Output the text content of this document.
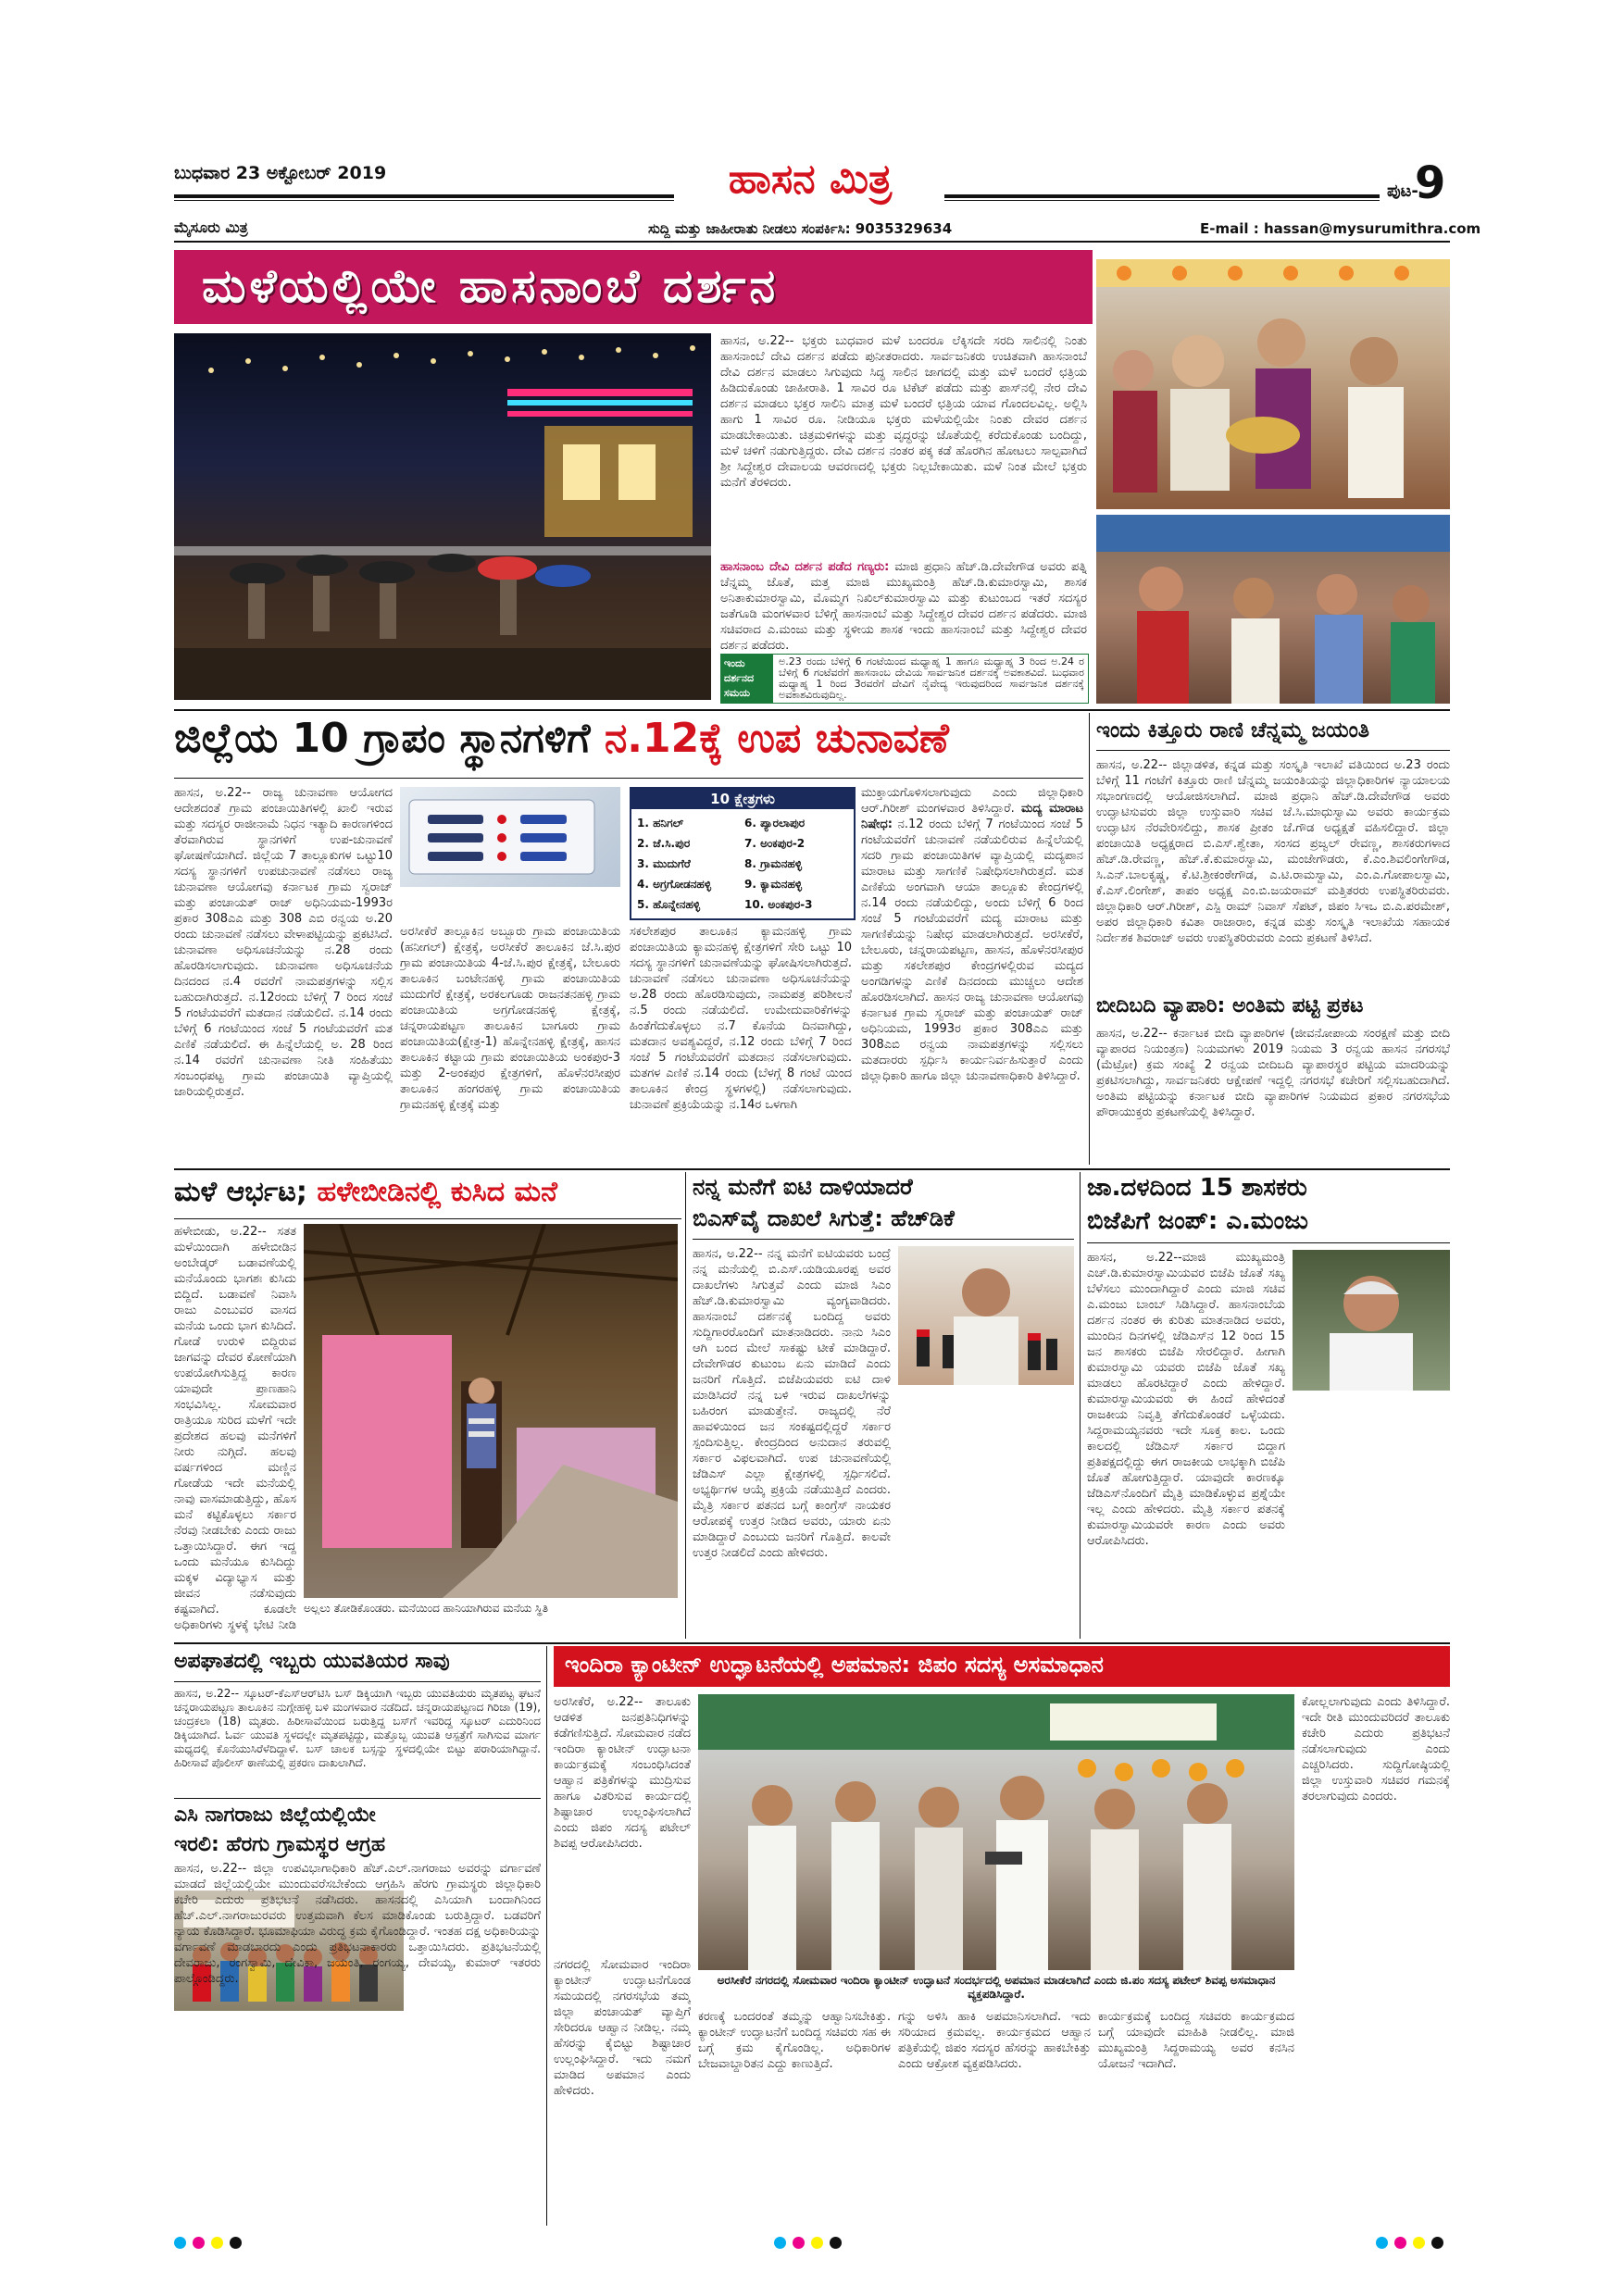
ಬುಧವಾರ 23 ಅಕ್ಟೋಬರ್ 2019	ಹಾಸನ ಮಿತ್ರ	ಪುಟ-
9
ಮೈಸೂರು ಮಿತ್ರ	ಸುದ್ದಿ ಮತ್ತು ಜಾಹೀರಾತು ನೀಡಲು ಸಂಪರ್ಕಿಸಿ: 9035329634	E-mail : hassan@mysurumithra.com
ಮಳೆಯಲ್ಲಿಯೇ ಹಾಸನಾಂಬೆ ದರ್ಶನ
ಹಾಸನ, ಅ.22-- ಭಕ್ತರು ಬುಧವಾರ ಮಳೆ ಬಂದರೂ ಲೆಕ್ಕಿಸದೇ ಸರದಿ ಸಾಲಿನಲ್ಲಿ ನಿಂತು ಹಾಸನಾಂಬೆ ದೇವಿ ದರ್ಶನ ಪಡೆದು ಪುನೀತರಾದರು. ಸಾರ್ವಜನಿಕರು ಉಚಿತವಾಗಿ ಹಾಸನಾಂಬೆ ದೇವಿ ದರ್ಶನ ಮಾಡಲು ಸಿಗುವುದು ಸಿದ್ಧ ಸಾಲಿನ ಜಾಗದಲ್ಲಿ ಮತ್ತು ಮಳೆ ಬಂದರೆ ಛತ್ರಿಯ ಹಿಡಿದುಕೊಂಡು ಜಾಹೀರಾತಿ. 1 ಸಾವಿರ ರೂ ಟಿಕೆಟ್ ಪಡೆದು ಮತ್ತು ಪಾಸ್‌ನಲ್ಲಿ ನೇರ ದೇವಿ ದರ್ಶನ ಮಾಡಲು ಭಕ್ತರ ಸಾಲಿನಿ ಮಾತ್ರ ಮಳೆ ಬಂದರೆ ಛತ್ರಿಯ ಯಾವ ಗೊಂದಲವಿಲ್ಲ. ಅಲ್ಲಿಸಿ ಹಾಗು 1 ಸಾವಿರ ರೂ. ನೀಡಿಯೂ ಭಕ್ತರು ಮಳೆಯಲ್ಲಿಯೇ ನಿಂತು ದೇವರ ದರ್ಶನ ಮಾಡಬೇಕಾಯಿತು. ಚಿತ್ರಮಳಿಗಳನ್ನು ಮತ್ತು ವೃದ್ಧರನ್ನು ಜೊತೆಯಲ್ಲಿ ಕರೆದುಕೊಂಡು ಬಂದಿದ್ದು, ಮಳೆ ಚಳಿಗೆ ನಡುಗುತ್ತಿದ್ದರು. ದೇವಿ ದರ್ಶನ ನಂತರ ಪಕ್ಕ ಕಡೆ ಹೊರಗಿನ ಹೋಟಲು ಸಾಲ್ಪವಾಗಿದೆ ಶ್ರೀ ಸಿದ್ದೇಶ್ವರ ದೇವಾಲಯ ಆವರಣದಲ್ಲಿ ಭಕ್ತರು ನಿಲ್ಲಬೇಕಾಯಿತು. ಮಳೆ ನಿಂತ ಮೇಲೆ ಭಕ್ತರು ಮನೆಗೆ ತೆರಳಿದರು.
ಹಾಸನಾಂಬ ದೇವಿ ದರ್ಶನ ಪಡೆದ ಗಣ್ಯರು: ಮಾಜಿ ಪ್ರಧಾನಿ ಹೆಚ್.ಡಿ.ದೇವೇಗೌಡ ಅವರು ಪತ್ನಿ ಚೆನ್ನಮ್ಮ ಜೊತೆ, ಮತ್ತ ಮಾಜಿ ಮುಖ್ಯಮಂತ್ರಿ ಹೆಚ್.ಡಿ.ಕುಮಾರಸ್ವಾಮಿ, ಶಾಸಕ ಅನಿತಾಕುಮಾರಸ್ವಾಮಿ, ಮೊಮ್ಮಗ ನಿಖಿಲ್‌ಕುಮಾರಸ್ವಾಮಿ ಮತ್ತು ಕುಟುಂಬದ ಇತರೆ ಸದಸ್ಯರ ಜತೆಗೂಡಿ ಮಂಗಳವಾರ ಬೆಳಿಗ್ಗೆ ಹಾಸನಾಂಬೆ ಮತ್ತು ಸಿದ್ದೇಶ್ವರ ದೇವರ ದರ್ಶನ ಪಡೆದರು. ಮಾಜಿ ಸಚಿವರಾದ ಎ.ಮಂಜು ಮತ್ತು ಸ್ಥಳೀಯ ಶಾಸಕ ಇಂದು ಹಾಸನಾಂಬೆ ಮತ್ತು ಸಿದ್ದೇಶ್ವರ ದೇವರ ದರ್ಶನ ಪಡೆದರು.
ಇಂದು ದರ್ಶನದ ಸಮಯ
ಅ.23 ರಂದು ಬೆಳಿಗ್ಗೆ 6 ಗಂಟೆಯಿಂದ ಮಧ್ಯಾಹ್ನ 1 ಹಾಗೂ ಮಧ್ಯಾಹ್ನ 3 ರಿಂದ ಅ.24 ರ ಬೆಳಿಗ್ಗೆ 6 ಗಂಟೆವರೆಗೆ ಹಾಸನಾಂಬ ದೇವಿಯ ಸಾರ್ವಜನಿಕ ದರ್ಶನಕ್ಕೆ ಅವಕಾಶವಿದೆ. ಬುಧವಾರ ಮಧ್ಯಾಹ್ನ 1 ರಿಂದ 3ರವರೆಗೆ ದೇವಿಗೆ ನೈವೇದ್ಯ ಇರುವುದರಿಂದ ಸಾರ್ವಜನಿಕ ದರ್ಶನಕ್ಕೆ ಅವಕಾಶವಿರುವುದಿಲ್ಲ.
ಜಿಲ್ಲೆಯ 10 ಗ್ರಾಪಂ ಸ್ಥಾನಗಳಿಗೆ ನ.12ಕ್ಕೆ ಉಪ ಚುನಾವಣೆ
ಹಾಸನ, ಅ.22-- ರಾಜ್ಯ ಚುನಾವಣಾ ಆಯೋಗದ ಆದೇಶದಂತೆ ಗ್ರಾಮ ಪಂಚಾಯಿತಿಗಳಲ್ಲಿ ಖಾಲಿ ಇರುವ ಮತ್ತು ಸದಸ್ಯರ ರಾಜೀನಾಮೆ ನಿಧನ ಇತ್ಯಾದಿ ಕಾರಣಗಳಿಂದ ತೆರವಾಗಿರುವ ಸ್ಥಾನಗಳಿಗೆ ಉಪ-ಚುನಾವಣೆ ಘೋಷಣೆಯಾಗಿದೆ. ಜಿಲ್ಲೆಯ 7 ತಾಲ್ಲೂಕುಗಳ ಒಟ್ಟು10 ಸದಸ್ಯ ಸ್ಥಾನಗಳಿಗೆ ಉಪಚುನಾವಣೆ ನಡೆಸಲು ರಾಜ್ಯ ಚುನಾವಣಾ ಆಯೋಗವು ಕರ್ನಾಟಕ ಗ್ರಾಮ ಸ್ವರಾಜ್ ಮತ್ತು ಪಂಚಾಯತ್ ರಾಜ್ ಅಧಿನಿಯಮ-1993ರ ಪ್ರಕಾರ 308ಎಎ ಮತ್ತು 308 ಎಬಿ ರನ್ವಯ ಅ.20 ರಂದು ಚುನಾವಣೆ ನಡೆಸಲು ವೇಳಾಪಟ್ಟಿಯನ್ನು ಪ್ರಕಟಿಸಿದೆ. ಚುನಾವಣಾ ಅಧಿಸೂಚನೆಯನ್ನು ನ.28 ರಂದು ಹೊರಡಿಸಲಾಗುವುದು. ಚುನಾವಣಾ ಅಧಿಸೂಚನೆಯ ದಿನದಂದ ನ.4 ರವರೆಗೆ ನಾಮಪತ್ರಗಳನ್ನು ಸಲ್ಲಿಸ ಬಹುದಾಗಿರುತ್ತದೆ. ನ.12ರಂದು ಬೆಳಿಗ್ಗೆ 7 ರಿಂದ ಸಂಜೆ 5 ಗಂಟೆಯವರೆಗೆ ಮತದಾನ ನಡೆಯಲಿದೆ. ನ.14 ರಂದು ಬೆಳಿಗ್ಗೆ 6 ಗಂಟೆಯಿಂದ ಸಂಜೆ 5 ಗಂಟೆಯವರೆಗೆ ಮತ ಎಣಿಕೆ ನಡೆಯಲಿದೆ. ಈ ಹಿನ್ನೆಲೆಯಲ್ಲಿ ಅ. 28 ರಿಂದ ನ.14 ರವರೆಗೆ ಚುನಾವಣಾ ನೀತಿ ಸಂಹಿತೆಯು ಸಂಬಂಧಪಟ್ಟ ಗ್ರಾಮ ಪಂಚಾಯಿತಿ ವ್ಯಾಪ್ತಿಯಲ್ಲಿ ಜಾರಿಯಲ್ಲಿರುತ್ತದೆ.
10 ಕ್ಷೇತ್ರಗಳು
1. ಹನಿಗಲ್
2. ಜೆ.ಸಿ.ಪುರ
3. ಮುದುಗೆರೆ
4. ಅಗ್ರಗೋಡನಹಳ್ಳಿ
5. ಹೊನ್ನೇನಹಳ್ಳಿ
6. ಪ್ಯಾರಲಾಪುರ
7. ಅಂಕಪುರ-2
8. ಗ್ರಾಮನಹಳ್ಳಿ
9. ಕ್ಯಾಮನಹಳ್ಳಿ
10. ಅಂಕಪುರ-3
ಅರಸೀಕೆರೆ ತಾಲ್ಲೂಕಿನ ಅಬ್ಬೂರು ಗ್ರಾಮ ಪಂಚಾಯಿತಿಯ (ಹನೀಗಲ್) ಕ್ಷೇತ್ರಕ್ಕೆ, ಅರಸೀಕೆರೆ ತಾಲೂಕಿನ ಜೆ.ಸಿ.ಪುರ ಗ್ರಾಮ ಪಂಚಾಯಿತಿಯ 4-ಜೆ.ಸಿ.ಪುರ ಕ್ಷೇತ್ರಕ್ಕೆ, ಬೇಲೂರು ತಾಲೂಕಿನ ಬಂಟೇನಹಳ್ಳಿ ಗ್ರಾಮ ಪಂಚಾಯಿತಿಯ ಮುದುಗೆರೆ ಕ್ಷೇತ್ರಕ್ಕೆ, ಅರಕಲಗೂಡು ರಾಜನತನಹಳ್ಳಿ ಗ್ರಾಮ ಪಂಚಾಯಿತಿಯ ಅಗ್ರಗೋಡನಹಳ್ಳಿ ಕ್ಷೇತ್ರಕ್ಕೆ, ಚನ್ನರಾಯಪಟ್ಟಣ ತಾಲೂಕಿನ ಬಾಗೂರು ಗ್ರಾಮ ಪಂಚಾಯಿತಿಯ(ಕ್ಷೇತ್ರ-1) ಹೊನ್ನೇನಹಳ್ಳಿ ಕ್ಷೇತ್ರಕ್ಕೆ, ಹಾಸನ ತಾಲೂಕಿನ ಕಟ್ಟಾಯ ಗ್ರಾಮ ಪಂಚಾಯಿತಿಯ ಅಂಕಪುರ-3 ಮತ್ತು 2-ಅಂಕಪುರ ಕ್ಷೇತ್ರಗಳಿಗೆ, ಹೊಳೆನರಸೀಪುರ ತಾಲೂಕಿನ ಹಂಗರಹಳ್ಳಿ ಗ್ರಾಮ ಪಂಚಾಯಿತಿಯ ಗ್ರಾಮನಹಳ್ಳಿ ಕ್ಷೇತ್ರಕ್ಕೆ ಮತ್ತು
ಸಕಲೇಶಪುರ ತಾಲೂಕಿನ ಕ್ಯಾಮನಹಳ್ಳಿ ಗ್ರಾಮ ಪಂಚಾಯಿತಿಯ ಕ್ಯಾಮನಹಳ್ಳಿ ಕ್ಷೇತ್ರಗಳಿಗೆ ಸೇರಿ ಒಟ್ಟು 10 ಸದಸ್ಯ ಸ್ಥಾನಗಳಿಗೆ ಚುನಾವಣೆಯನ್ನು ಘೋಷಿಸಲಾಗಿರುತ್ತದೆ. ಚುನಾವಣೆ ನಡೆಸಲು ಚುನಾವಣಾ ಅಧಿಸೂಚನೆಯನ್ನು ಅ.28 ರಂದು ಹೊರಡಿಸುವುದು, ನಾಮಪತ್ರ ಪರಿಶೀಲನೆ ನ.5 ರಂದು ನಡೆಯಲಿದೆ. ಉಮೇದುವಾರಿಕೆಗಳನ್ನು ಹಿಂತೆಗೆದುಕೊಳ್ಳಲು ನ.7 ಕೊನೆಯ ದಿನವಾಗಿದ್ದು, ಮತದಾನ ಅವಶ್ಯವಿದ್ದರೆ, ನ.12 ರಂದು ಬೆಳಿಗ್ಗೆ 7 ರಿಂದ ಸಂಜೆ 5 ಗಂಟೆಯವರೆಗೆ ಮತದಾನ ನಡೆಸಲಾಗುವುದು. ಮತಗಳ ಎಣಿಕೆ ನ.14 ರಂದು (ಬೆಳಗ್ಗೆ 8 ಗಂಟೆ ಯಿಂದ ತಾಲೂಕಿನ ಕೇಂದ್ರ ಸ್ಥಳಗಳಲ್ಲಿ) ನಡೆಸಲಾಗುವುದು. ಚುನಾವಣೆ ಪ್ರಕ್ರಿಯೆಯನ್ನು ನ.14ರ ಒಳಗಾಗಿ
ಮುಕ್ತಾಯಗೊಳಿಸಲಾಗುವುದು ಎಂದು ಜಿಲ್ಲಾಧಿಕಾರಿ ಆರ್.ಗಿರೀಶ್ ಮಂಗಳವಾರ ತಿಳಿಸಿದ್ದಾರೆ. ಮದ್ಯ ಮಾರಾಟ ನಿಷೇಧ: ನ.12 ರಂದು ಬೆಳಿಗ್ಗೆ 7 ಗಂಟೆಯಿಂದ ಸಂಜೆ 5 ಗಂಟೆಯವರೆಗೆ ಚುನಾವಣೆ ನಡೆಯಲಿರುವ ಹಿನ್ನೆಲೆಯಲ್ಲಿ ಸದರಿ ಗ್ರಾಮ ಪಂಚಾಯಿತಿಗಳ ವ್ಯಾಪ್ತಿಯಲ್ಲಿ ಮದ್ಯಪಾನ ಮಾರಾಟ ಮತ್ತು ಸಾಗಣಿಕೆ ನಿಷೇಧಿಸಲಾಗಿರುತ್ತದೆ. ಮತ ಎಣಿಕೆಯ ಅಂಗವಾಗಿ ಆಯಾ ತಾಲ್ಲೂಕು ಕೇಂದ್ರಗಳಲ್ಲಿ ನ.14 ರಂದು ನಡೆಯಲಿದ್ದು, ಅಂದು ಬೆಳಿಗ್ಗೆ 6 ರಿಂದ ಸಂಜೆ 5 ಗಂಟೆಯವರೆಗೆ ಮದ್ಯ ಮಾರಾಟ ಮತ್ತು ಸಾಗಣಿಕೆಯನ್ನು ನಿಷೇಧ ಮಾಡಲಾಗಿರುತ್ತದೆ. ಅರಸೀಕೆರೆ, ಬೇಲೂರು, ಚನ್ನರಾಯಪಟ್ಟಣ, ಹಾಸನ, ಹೊಳೆನರಸೀಪುರ ಮತ್ತು ಸಕಲೇಶಪುರ ಕೇಂದ್ರಗಳಲ್ಲಿರುವ ಮದ್ಯದ ಅಂಗಡಿಗಳನ್ನು ಎಣಿಕೆ ದಿನದಂದು ಮುಚ್ಚಲು ಆದೇಶ ಹೊರಡಿಸಲಾಗಿದೆ. ಹಾಸನ ರಾಜ್ಯ ಚುನಾವಣಾ ಆಯೋಗವು ಕರ್ನಾಟಕ ಗ್ರಾಮ ಸ್ವರಾಜ್ ಮತ್ತು ಪಂಚಾಯತ್ ರಾಜ್ ಅಧಿನಿಯಮ, 1993ರ ಪ್ರಕಾರ 308ಎಎ ಮತ್ತು 308ಎಬಿ ರನ್ವಯ ನಾಮಪತ್ರಗಳನ್ನು ಸಲ್ಲಿಸಲು ಮತದಾರರು ಸ್ಪರ್ಧಿಸಿ ಕಾರ್ಯನಿರ್ವಹಿಸುತ್ತಾರೆ ಎಂದು ಜಿಲ್ಲಾಧಿಕಾರಿ ಹಾಗೂ ಜಿಲ್ಲಾ ಚುನಾವಣಾಧಿಕಾರಿ ತಿಳಿಸಿದ್ದಾರೆ.
ಇಂದು ಕಿತ್ತೂರು ರಾಣಿ ಚೆನ್ನಮ್ಮ ಜಯಂತಿ
ಹಾಸನ, ಅ.22-- ಜಿಲ್ಲಾಡಳಿತ, ಕನ್ನಡ ಮತ್ತು ಸಂಸ್ಕೃತಿ ಇಲಾಖೆ ವತಿಯಿಂದ ಅ.23 ರಂದು ಬೆಳಿಗ್ಗೆ 11 ಗಂಟೆಗೆ ಕಿತ್ತೂರು ರಾಣಿ ಚೆನ್ನಮ್ಮ ಜಯಂತಿಯನ್ನು ಜಿಲ್ಲಾಧಿಕಾರಿಗಳ ನ್ಯಾಯಾಲಯ ಸಭಾಂಗಣದಲ್ಲಿ ಆಯೋಜಿಸಲಾಗಿದೆ. ಮಾಜಿ ಪ್ರಧಾನಿ ಹೆಚ್.ಡಿ.ದೇವೇಗೌಡ ಅವರು ಉದ್ಘಾಟಿಸುವರು ಜಿಲ್ಲಾ ಉಸ್ತುವಾರಿ ಸಚಿವ ಜೆ.ಸಿ.ಮಾಧುಸ್ವಾಮಿ ಅವರು ಕಾರ್ಯಕ್ರಮ ಉದ್ಘಾಟಿಸ ನೆರವೇರಿಸಲಿದ್ದು, ಶಾಸಕ ಪ್ರೀತಂ ಜೆ.ಗೌಡ ಅಧ್ಯಕ್ಷತೆ ವಹಿಸಲಿದ್ದಾರೆ. ಜಿಲ್ಲಾ ಪಂಚಾಯಿತಿ ಅಧ್ಯಕ್ಷರಾದ ಬಿ.ಎಸ್.ಶ್ವೇತಾ, ಸಂಸದ ಪ್ರಜ್ವಲ್ ರೇವಣ್ಣ, ಶಾಸಕರುಗಳಾದ ಹೆಚ್.ಡಿ.ರೇವಣ್ಣ, ಹೆಚ್.ಕೆ.ಕುಮಾರಸ್ವಾಮಿ, ಮಂಜೇಗೌಡರು, ಕೆ.ಎಂ.ಶಿವಲಿಂಗೇಗೌಡ, ಸಿ.ಎನ್.ಬಾಲಕೃಷ್ಣ, ಕೆ.ಟಿ.ಶ್ರೀಕಂಠೇಗೌಡ, ಎ.ಟಿ.ರಾಮಸ್ವಾಮಿ, ಎಂ.ಎ.ಗೋಪಾಲಸ್ವಾಮಿ, ಕೆ.ಎಸ್.ಲಿಂಗೇಶ್, ತಾಪಂ ಅಧ್ಯಕ್ಷ ಎಂ.ಬಿ.ಜಯರಾಮ್ ಮತ್ತಿತರರು ಉಪಸ್ಥಿತರಿರುವರು. ಜಿಲ್ಲಾಧಿಕಾರಿ ಆರ್.ಗಿರೀಶ್, ಎಸ್ಪಿ ರಾಮ್ ನಿವಾಸ್ ಸೆಪಟ್, ಜಿಪಂ ಸಿಇಒ ಬಿ.ಎ.ಪರಮೇಶ್, ಅಪರ ಜಿಲ್ಲಾಧಿಕಾರಿ ಕವಿತಾ ರಾಜಾರಾಂ, ಕನ್ನಡ ಮತ್ತು ಸಂಸ್ಕೃತಿ ಇಲಾಖೆಯ ಸಹಾಯಕ ನಿರ್ದೇಶಕ ಶಿವರಾಜ್ ಅವರು ಉಪಸ್ಥಿತರಿರುವರು ಎಂದು ಪ್ರಕಟಣೆ ತಿಳಿಸಿದೆ.
ಬೀದಿಬದಿ ವ್ಯಾಪಾರಿ: ಅಂತಿಮ ಪಟ್ಟಿ ಪ್ರಕಟ
ಹಾಸನ, ಅ.22-- ಕರ್ನಾಟಕ ಬೀದಿ ವ್ಯಾಪಾರಿಗಳ (ಜೀವನೋಪಾಯ ಸಂರಕ್ಷಣೆ ಮತ್ತು ಬೀದಿ ವ್ಯಾಪಾರದ ನಿಯಂತ್ರಣ) ನಿಯಮಗಳು 2019 ನಿಯಮ 3 ರನ್ವಯ ಹಾಸನ ನಗರಸಭೆ (ಮೆಟ್ರೋ) ಕ್ರಮ ಸಂಖ್ಯೆ 2 ರನ್ವಯ ಬೀದಿಬದಿ ವ್ಯಾಪಾರಸ್ಥರ ಪಟ್ಟಿಯ ಮಾದರಿಯನ್ನು ಪ್ರಕಟಿಸಲಾಗಿದ್ದು, ಸಾರ್ವಜನಿಕರು ಆಕ್ಷೇಪಣೆ ಇದ್ದಲ್ಲಿ ನಗರಸಭೆ ಕಚೇರಿಗೆ ಸಲ್ಲಿಸಬಹುದಾಗಿದೆ. ಅಂತಿಮ ಪಟ್ಟಿಯನ್ನು ಕರ್ನಾಟಕ ಬೀದಿ ವ್ಯಾಪಾರಿಗಳ ನಿಯಮದ ಪ್ರಕಾರ ನಗರಸಭೆಯ ಪೌರಾಯುಕ್ತರು ಪ್ರಕಟಣೆಯಲ್ಲಿ ತಿಳಿಸಿದ್ದಾರೆ.
ಮಳೆ ಆರ್ಭಟ; ಹಳೇಬೀಡಿನಲ್ಲಿ ಕುಸಿದ ಮನೆ
ಹಳೇಬೀಡು, ಅ.22-- ಸತತ ಮಳೆಯಿಂದಾಗಿ ಹಳೇಬೀಡಿನ ಅಂಬೇಡ್ಕರ್ ಬಡಾವಣೆಯಲ್ಲಿ ಮನೆಯೊಂದು ಭಾಗಶಃ ಕುಸಿದು ಬಿದ್ದಿದೆ. ಬಡಾವಣೆ ನಿವಾಸಿ ರಾಜು ಎಂಬುವರ ವಾಸದ ಮನೆಯ ಒಂದು ಭಾಗ ಕುಸಿದಿದೆ. ಗೋಡೆ ಉರುಳಿ ಬಿದ್ದಿರುವ ಜಾಗವನ್ನು ದೇವರ ಕೋಣೆಯಾಗಿ ಉಪಯೋಗಿಸುತ್ತಿದ್ದ ಕಾರಣ ಯಾವುದೇ ಪ್ರಾಣಹಾನಿ ಸಂಭವಿಸಿಲ್ಲ. ಸೋಮವಾರ ರಾತ್ರಿಯೂ ಸುರಿದ ಮಳೆಗೆ ಇದೇ ಪ್ರದೇಶದ ಹಲವು ಮನೆಗಳಿಗೆ ನೀರು ನುಗ್ಗಿದೆ. ಹಲವು ವರ್ಷಗಳಿಂದ ಮಣ್ಣಿನ ಗೋಡೆಯ ಇದೇ ಮನೆಯಲ್ಲಿ ನಾವು ವಾಸಮಾಡುತ್ತಿದ್ದು, ಹೊಸ ಮನೆ ಕಟ್ಟಿಕೊಳ್ಳಲು ಸರ್ಕಾರ ನೆರವು ನೀಡಬೇಕು ಎಂದು ರಾಜು ಒತ್ತಾಯಿಸಿದ್ದಾರೆ. ಈಗ ಇದ್ದ ಒಂದು ಮನೆಯೂ ಕುಸಿದಿದ್ದು ಮಕ್ಕಳ ವಿದ್ಯಾಭ್ಯಾಸ ಮತ್ತು ಜೀವನ ನಡೆಸುವುದು ಕಷ್ಟವಾಗಿದೆ. ಕೂಡಲೇ ಅಧಿಕಾರಿಗಳು ಸ್ಥಳಕ್ಕೆ ಭೇಟಿ ನೀಡಿ
ಅಲ್ಲಲು ತೋಡಿಕೊಂಡರು. ಮನೆಯಿಂದ ಹಾನಿಯಾಗಿರುವ ಮನೆಯ ಸ್ಥಿತಿ
ನನ್ನ ಮನೆಗೆ ಐಟಿ ದಾಳಿಯಾದರೆ
ಬಿಎಸ್‌ವೈ ದಾಖಲೆ ಸಿಗುತ್ತೆ: ಹೆಚ್‌ಡಿಕೆ
ಹಾಸನ, ಅ.22-- ನನ್ನ ಮನೆಗೆ ಐಟಿಯವರು ಬಂದ್ರೆ ನನ್ನ ಮನೆಯಲ್ಲಿ ಬಿ.ಎಸ್.ಯಡಿಯೂರಪ್ಪ ಅವರ ದಾಖಲೆಗಳು ಸಿಗುತ್ತವೆ ಎಂದು ಮಾಜಿ ಸಿಎಂ ಹೆಚ್.ಡಿ.ಕುಮಾರಸ್ವಾಮಿ ವ್ಯಂಗ್ಯವಾಡಿದರು. ಹಾಸನಾಂಬೆ ದರ್ಶನಕ್ಕೆ ಬಂದಿದ್ದ ಅವರು ಸುದ್ದಿಗಾರರೊಂದಿಗೆ ಮಾತನಾಡಿದರು. ನಾನು ಸಿಎಂ ಆಗಿ ಬಂದ ಮೇಲೆ ಸಾಕಷ್ಟು ಟೀಕೆ ಮಾಡಿದ್ದಾರೆ. ದೇವೇಗೌಡರ ಕುಟುಂಬ ಏನು ಮಾಡಿದೆ ಎಂದು ಜನರಿಗೆ ಗೊತ್ತಿದೆ. ಬಿಜೆಪಿಯವರು ಐಟಿ ದಾಳಿ ಮಾಡಿಸಿದರೆ ನನ್ನ ಬಳಿ ಇರುವ ದಾಖಲೆಗಳನ್ನು ಬಹಿರಂಗ ಮಾಡುತ್ತೇನೆ. ರಾಜ್ಯದಲ್ಲಿ ನೆರೆ ಹಾವಳಿಯಿಂದ ಜನ ಸಂಕಷ್ಟದಲ್ಲಿದ್ದರೆ ಸರ್ಕಾರ ಸ್ಪಂದಿಸುತ್ತಿಲ್ಲ. ಕೇಂದ್ರದಿಂದ ಅನುದಾನ ತರುವಲ್ಲಿ ಸರ್ಕಾರ ವಿಫಲವಾಗಿದೆ. ಉಪ ಚುನಾವಣೆಯಲ್ಲಿ ಜೆಡಿಎಸ್ ಎಲ್ಲಾ ಕ್ಷೇತ್ರಗಳಲ್ಲಿ ಸ್ಪರ್ಧಿಸಲಿದೆ. ಅಭ್ಯರ್ಥಿಗಳ ಆಯ್ಕೆ ಪ್ರಕ್ರಿಯೆ ನಡೆಯುತ್ತಿದೆ ಎಂದರು. ಮೈತ್ರಿ ಸರ್ಕಾರ ಪತನದ ಬಗ್ಗೆ ಕಾಂಗ್ರೆಸ್ ನಾಯಕರ ಆರೋಪಕ್ಕೆ ಉತ್ತರ ನೀಡಿದ ಅವರು, ಯಾರು ಏನು ಮಾಡಿದ್ದಾರೆ ಎಂಬುದು ಜನರಿಗೆ ಗೊತ್ತಿದೆ. ಕಾಲವೇ ಉತ್ತರ ನೀಡಲಿದೆ ಎಂದು ಹೇಳಿದರು.
ಜಾ.ದಳದಿಂದ 15 ಶಾಸಕರು
ಬಿಜೆಪಿಗೆ ಜಂಪ್: ಎ.ಮಂಜು
ಹಾಸನ, ಅ.22--ಮಾಜಿ ಮುಖ್ಯಮಂತ್ರಿ ಎಚ್.ಡಿ.ಕುಮಾರಸ್ವಾಮಿಯವರ ಬಿಜೆಪಿ ಜೊತೆ ಸಖ್ಯ ಬೆಳೆಸಲು ಮುಂದಾಗಿದ್ದಾರೆ ಎಂದು ಮಾಜಿ ಸಚಿವ ಎ.ಮಂಜು ಬಾಂಬ್ ಸಿಡಿಸಿದ್ದಾರೆ. ಹಾಸನಾಂಬೆಯ ದರ್ಶನ ನಂತರ ಈ ಕುರಿತು ಮಾತನಾಡಿದ ಅವರು, ಮುಂದಿನ ದಿನಗಳಲ್ಲಿ ಜೆಡಿಎಸ್‌ನ 12 ರಿಂದ 15 ಜನ ಶಾಸಕರು ಬಿಜೆಪಿ ಸೇರಲಿದ್ದಾರೆ. ಹೀಗಾಗಿ ಕುಮಾರಸ್ವಾಮಿ ಯವರು ಬಿಜೆಪಿ ಜೊತೆ ಸಖ್ಯ ಮಾಡಲು ಹೊರಟಿದ್ದಾರೆ ಎಂದು ಹೇಳಿದ್ದಾರೆ. ಕುಮಾರಸ್ವಾಮಿಯವರು ಈ ಹಿಂದೆ ಹೇಳಿದಂತೆ ರಾಜಕೀಯ ನಿವೃತ್ತಿ ತೆಗೆದುಕೊಂಡರೆ ಒಳ್ಳೆಯದು. ಸಿದ್ದರಾಮಯ್ಯನವರು ಇದೇ ಸೂಕ್ತ ಕಾಲ. ಒಂದು ಕಾಲದಲ್ಲಿ ಜೆಡಿಎಸ್ ಸರ್ಕಾರ ಬಿದ್ದಾಗ ಪ್ರತಿಪಕ್ಷದಲ್ಲಿದ್ದು ಈಗ ರಾಜಕೀಯ ಲಾಭಕ್ಕಾಗಿ ಬಿಜೆಪಿ ಜೊತೆ ಹೋಗುತ್ತಿದ್ದಾರೆ. ಯಾವುದೇ ಕಾರಣಕ್ಕೂ ಜೆಡಿಎಸ್‌ನೊಂದಿಗೆ ಮೈತ್ರಿ ಮಾಡಿಕೊಳ್ಳುವ ಪ್ರಶ್ನೆಯೇ ಇಲ್ಲ ಎಂದು ಹೇಳಿದರು. ಮೈತ್ರಿ ಸರ್ಕಾರ ಪತನಕ್ಕೆ ಕುಮಾರಸ್ವಾಮಿಯವರೇ ಕಾರಣ ಎಂದು ಅವರು ಆರೋಪಿಸಿದರು.
ಅಪಘಾತದಲ್ಲಿ ಇಬ್ಬರು ಯುವತಿಯರ ಸಾವು
ಹಾಸನ, ಅ.22-- ಸ್ಕೂಟರ್-ಕೆಎಸ್‌ಆರ್‌ಟಿಸಿ ಬಸ್ ಡಿಕ್ಕಿಯಾಗಿ ಇಬ್ಬರು ಯುವತಿಯರು ಮೃತಪಟ್ಟ ಘಟನೆ ಚನ್ನರಾಯಪಟ್ಟಣ ತಾಲೂಕಿನ ನುಗ್ಗೇಹಳ್ಳಿ ಬಳಿ ಮಂಗಳವಾರ ನಡೆದಿದೆ. ಚನ್ನರಾಯಪಟ್ಟಣದ ಗಿರಿಜಾ (19), ಚಂದ್ರಕಲಾ (18) ಮೃತರು. ಹಿರೀಸಾವೆಯಿಂದ ಬರುತ್ತಿದ್ದ ಬಸ್‌ಗೆ ಇವರಿದ್ದ ಸ್ಕೂಟರ್ ಎದುರಿನಿಂದ ಡಿಕ್ಕಿಯಾಗಿದೆ. ಓರ್ವ ಯುವತಿ ಸ್ಥಳದಲ್ಲೇ ಮೃತಪಟ್ಟಿದ್ದು, ಮತ್ತೊಬ್ಬ ಯುವತಿ ಆಸ್ಪತ್ರೆಗೆ ಸಾಗಿಸುವ ಮಾರ್ಗ ಮಧ್ಯದಲ್ಲಿ ಕೊನೆಯುಸಿರೆಳೆದಿದ್ದಾಳೆ. ಬಸ್ ಚಾಲಕ ಬಸ್ಸನ್ನು ಸ್ಥಳದಲ್ಲಿಯೇ ಬಿಟ್ಟು ಪರಾರಿಯಾಗಿದ್ದಾನೆ. ಹಿರೀಸಾವೆ ಪೊಲೀಸ್ ಠಾಣೆಯಲ್ಲಿ ಪ್ರಕರಣ ದಾಖಲಾಗಿದೆ.
ಎಸಿ ನಾಗರಾಜು ಜಿಲ್ಲೆಯಲ್ಲಿಯೇ
ಇರಲಿ: ಹೆರಗು ಗ್ರಾಮಸ್ಥರ ಆಗ್ರಹ
ಹಾಸನ, ಅ.22-- ಜಿಲ್ಲಾ ಉಪವಿಭಾಗಾಧಿಕಾರಿ ಹೆಚ್.ಎಲ್.ನಾಗರಾಜು ಅವರನ್ನು ವರ್ಗಾವಣೆ ಮಾಡದೆ ಜಿಲ್ಲೆಯಲ್ಲಿಯೇ ಮುಂದುವರೆಸಬೇಕೆಂದು ಆಗ್ರಹಿಸಿ ಹೆರಗು ಗ್ರಾಮಸ್ಥರು ಜಿಲ್ಲಾಧಿಕಾರಿ ಕಚೇರಿ ಎದುರು ಪ್ರತಿಭಟನೆ ನಡೆಸಿದರು. ಹಾಸನದಲ್ಲಿ ಎಸಿಯಾಗಿ ಬಂದಾಗಿನಿಂದ ಹೆಚ್.ಎಲ್.ನಾಗರಾಜುರವರು ಉತ್ತಮವಾಗಿ ಕೆಲಸ ಮಾಡಿಕೊಂಡು ಬರುತ್ತಿದ್ದಾರೆ. ಬಡವರಿಗೆ ನ್ಯಾಯ ಕೊಡಿಸಿದ್ದಾರೆ. ಭೂಮಾಫಿಯಾ ವಿರುದ್ಧ ಕ್ರಮ ಕೈಗೊಂಡಿದ್ದಾರೆ. ಇಂತಹ ದಕ್ಷ ಅಧಿಕಾರಿಯನ್ನು ವರ್ಗಾವಣೆ ಮಾಡಬಾರದು ಎಂದು ಪ್ರತಿಭಟನಾಕಾರರು ಒತ್ತಾಯಿಸಿದರು. ಪ್ರತಿಭಟನೆಯಲ್ಲಿ ದೇವರಾಜು, ರಂಗಸ್ವಾಮಿ, ದೇವಿಕಾ, ಜಯಂತಿ, ರಂಗಯ್ಯ, ದೇವಯ್ಯ, ಕುಮಾರ್ ಇತರರು ಪಾಲ್ಗೊಂಡಿದ್ದರು.
ಇಂದಿರಾ ಕ್ಯಾಂಟೀನ್ ಉದ್ಘಾಟನೆಯಲ್ಲಿ ಅಪಮಾನ: ಜಿಪಂ ಸದಸ್ಯ ಅಸಮಾಧಾನ
ಅರಸೀಕೆರೆ, ಅ.22-- ತಾಲೂಕು ಆಡಳಿತ ಜನಪ್ರತಿನಿಧಿಗಳನ್ನು ಕಡೆಗಣಿಸುತ್ತಿದೆ. ಸೋಮವಾರ ನಡೆದ ಇಂದಿರಾ ಕ್ಯಾಂಟೀನ್ ಉದ್ಘಾಟನಾ ಕಾರ್ಯಕ್ರಮಕ್ಕೆ ಸಂಬಂಧಿಸಿದಂತೆ ಆಹ್ವಾನ ಪತ್ರಿಕೆಗಳನ್ನು ಮುದ್ರಿಸುವ ಹಾಗೂ ವಿತರಿಸುವ ಕಾರ್ಯದಲ್ಲಿ ಶಿಷ್ಟಾಚಾರ ಉಲ್ಲಂಘಿಸಲಾಗಿದೆ ಎಂದು ಜಿಪಂ ಸದಸ್ಯ ಪಟೇಲ್ ಶಿವಪ್ಪ ಆರೋಪಿಸಿದರು.
ಅರಸೀಕೆರೆ ನಗರದಲ್ಲಿ ಸೋಮವಾರ ಇಂದಿರಾ ಕ್ಯಾಂಟೀನ್ ಉದ್ಘಾಟನೆ ಸಂದರ್ಭದಲ್ಲಿ ಅಪಮಾನ ಮಾಡಲಾಗಿದೆ ಎಂದು ಜಿ.ಪಂ ಸದಸ್ಯ ಪಟೇಲ್ ಶಿವಪ್ಪ ಅಸಮಾಧಾನ ವ್ಯಕ್ತಪಡಿಸಿದ್ದಾರೆ.
ಕೋಲ್ಲಲಾಗುವುದು ಎಂದು ತಿಳಿಸಿದ್ದಾರೆ. ಇದೇ ರೀತಿ ಮುಂದುವರಿದರೆ ತಾಲೂಕು ಕಚೇರಿ ಎದುರು ಪ್ರತಿಭಟನೆ ನಡೆಸಲಾಗುವುದು ಎಂದು ಎಚ್ಚರಿಸಿದರು. ಸುದ್ದಿಗೋಷ್ಠಿಯಲ್ಲಿ ಜಿಲ್ಲಾ ಉಸ್ತುವಾರಿ ಸಚಿವರ ಗಮನಕ್ಕೆ ತರಲಾಗುವುದು ಎಂದರು.
ನಗರದಲ್ಲಿ ಸೋಮವಾರ ಇಂದಿರಾ ಕ್ಯಾಂಟೀನ್ ಉದ್ಘಾಟನೆಗೊಂಡ ಸಮಯದಲ್ಲಿ ನಗರಸಭೆಯ ತಮ್ಮ ಜಿಲ್ಲಾ ಪಂಚಾಯತ್ ವ್ಯಾಪ್ತಿಗೆ ಸೇರಿದರೂ ಆಹ್ವಾನ ನೀಡಿಲ್ಲ. ನಮ್ಮ ಹೆಸರನ್ನು ಕೈಬಿಟ್ಟು ಶಿಷ್ಟಾಚಾರ ಉಲ್ಲಂಘಿಸಿದ್ದಾರೆ. ಇದು ನಮಗೆ ಮಾಡಿದ ಅಪಮಾನ ಎಂದು ಹೇಳಿದರು.
ಕರಣಕ್ಕೆ ಬಂದರಂತೆ ತಮ್ಮನ್ನು ಆಹ್ವಾನಿಸಬೇಕಿತ್ತು. ಕ್ಯಾಂಟೀನ್ ಉದ್ಘಾಟನೆಗೆ ಬಂದಿದ್ದ ಸಚಿವರು ಸಹ ಈ ಬಗ್ಗೆ ಕ್ರಮ ಕೈಗೊಂಡಿಲ್ಲ. ಅಧಿಕಾರಿಗಳ ಬೇಜವಾಬ್ದಾರಿತನ ಎದ್ದು ಕಾಣುತ್ತಿದೆ.
ಗನ್ನು ಅಳಿಸಿ ಹಾಕಿ ಅಪಮಾನಿಸಲಾಗಿದೆ. ಇದು ಸರಿಯಾದ ಕ್ರಮವಲ್ಲ. ಕಾರ್ಯಕ್ರಮದ ಆಹ್ವಾನ ಪತ್ರಿಕೆಯಲ್ಲಿ ಜಿಪಂ ಸದಸ್ಯರ ಹೆಸರನ್ನು ಹಾಕಬೇಕಿತ್ತು ಎಂದು ಆಕ್ರೋಶ ವ್ಯಕ್ತಪಡಿಸಿದರು.
ಕಾರ್ಯಕ್ರಮಕ್ಕೆ ಬಂದಿದ್ದ ಸಚಿವರು ಕಾರ್ಯಕ್ರಮದ ಬಗ್ಗೆ ಯಾವುದೇ ಮಾಹಿತಿ ನೀಡಲಿಲ್ಲ. ಮಾಜಿ ಮುಖ್ಯಮಂತ್ರಿ ಸಿದ್ದರಾಮಯ್ಯ ಅವರ ಕನಸಿನ ಯೋಜನೆ ಇದಾಗಿದೆ.
